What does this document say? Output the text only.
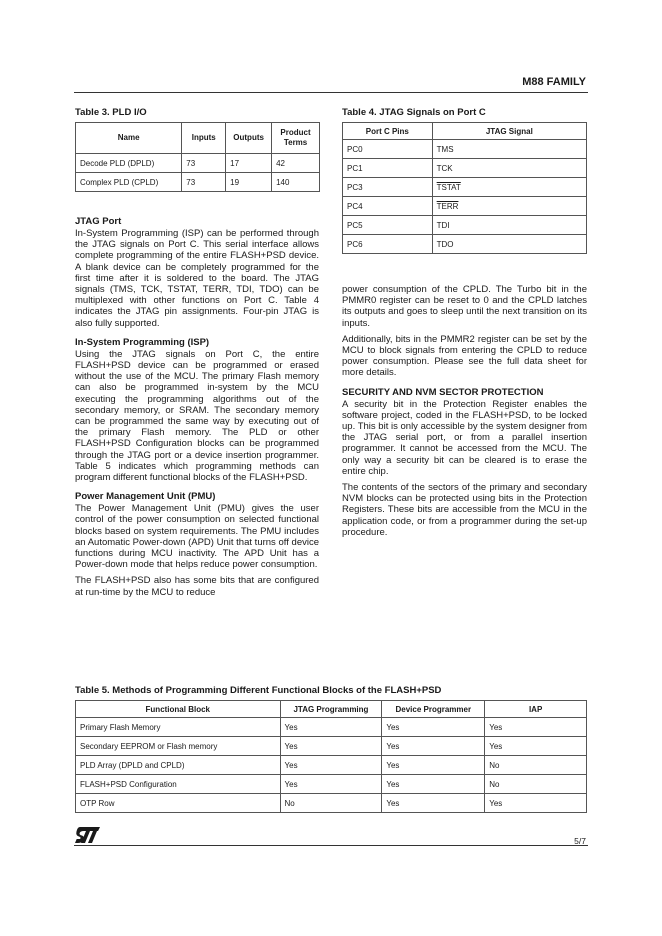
M88 FAMILY
Table 3. PLD I/O
Name	Inputs	Outputs	Product Terms
Decode PLD (DPLD)	73	17	42
Complex PLD (CPLD)	73	19	140
JTAG Port

In-System Programming (ISP) can be performed through the JTAG signals on Port C. This serial interface allows complete programming of the entire FLASH+PSD device. A blank device can be completely programmed for the first time after it is soldered to the board. The JTAG signals (TMS, TCK, TSTAT, TERR, TDI, TDO) can be multiplexed with other functions on Port C. Table 4 indicates the JTAG pin assignments. Four-pin JTAG is also fully supported.

In-System Programming (ISP)

Using the JTAG signals on Port C, the entire FLASH+PSD device can be programmed or erased without the use of the MCU. The primary Flash memory can also be programmed in-system by the MCU executing the programming algorithms out of the secondary memory, or SRAM. The secondary memory can be programmed the same way by executing out of the primary Flash memory. The PLD or other FLASH+PSD Configuration blocks can be programmed through the JTAG port or a device insertion programmer. Table 5 indicates which programming methods can program different functional blocks of the FLASH+PSD.

Power Management Unit (PMU)

The Power Management Unit (PMU) gives the user control of the power consumption on selected functional blocks based on system requirements. The PMU includes an Automatic Power-down (APD) Unit that turns off device functions during MCU inactivity. The APD Unit has a Power-down mode that helps reduce power consumption.

The FLASH+PSD also has some bits that are configured at run-time by the MCU to reduce

Table 4. JTAG Signals on Port C
Port C Pins	JTAG Signal
PC0	TMS
PC1	TCK
PC3	TSTAT
PC4	TERR
PC5	TDI
PC6	TDO

power consumption of the CPLD. The Turbo bit in the PMMR0 register can be reset to 0 and the CPLD latches its outputs and goes to sleep until the next transition on its inputs.

Additionally, bits in the PMMR2 register can be set by the MCU to block signals from entering the CPLD to reduce power consumption. Please see the full data sheet for more details.

SECURITY AND NVM SECTOR PROTECTION

A security bit in the Protection Register enables the software project, coded in the FLASH+PSD, to be locked up. This bit is only accessible by the system designer from the JTAG serial port, or from a parallel insertion programmer. It cannot be accessed from the MCU. The only way a security bit can be cleared is to erase the entire chip.

The contents of the sectors of the primary and secondary NVM blocks can be protected using bits in the Protection Registers. These bits are accessible from the MCU in the application code, or from a programmer during the set-up procedure.

Table 5. Methods of Programming Different Functional Blocks of the FLASH+PSD
Functional Block	JTAG Programming	Device Programmer	IAP
Primary Flash Memory	Yes	Yes	Yes
Secondary EEPROM or Flash memory	Yes	Yes	Yes
PLD Array (DPLD and CPLD)	Yes	Yes	No
FLASH+PSD Configuration	Yes	Yes	No
OTP Row	No	Yes	Yes
5/7
